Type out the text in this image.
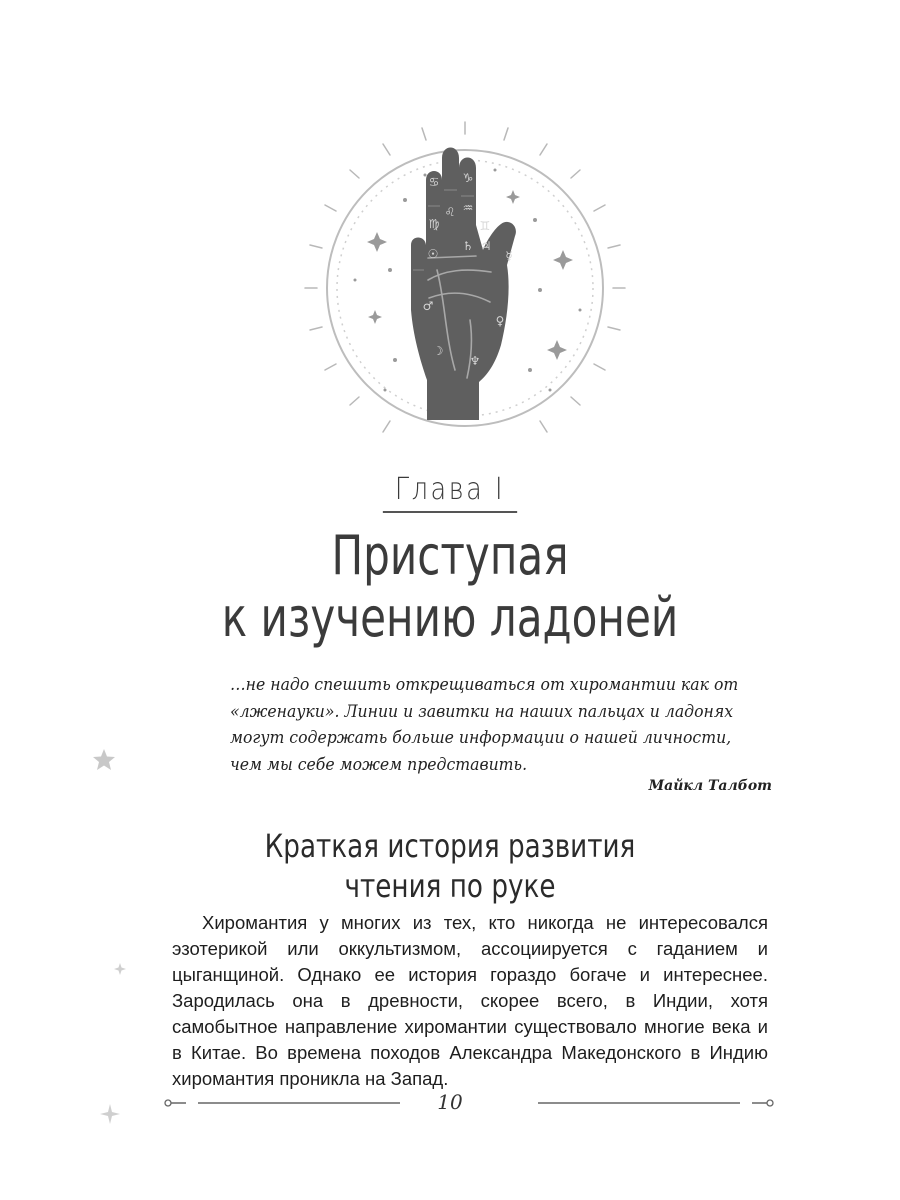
♑
♋
♒
♌
♊
♍
♄ ♃
☿
♀
☉
♂
☽
♆
Глава I
Приступая
к изучению ладоней
…не надо спешить открещиваться от хиромантии как от
«лженауки». Линии и завитки на наших пальцах и ладонях
могут содержать больше информации о нашей личности,
чем мы себе можем представить.
Майкл Талбот
Краткая история развития
чтения по руке

Хиромантия у многих из тех, кто никогда не интересовался эзотерикой или оккультизмом, ассоциируется с гаданием и цыганщиной. Однако ее история гораздо богаче и интереснее. Зародилась она в древности, скорее всего, в Индии, хотя самобытное направление хиромантии существовало многие века и в Китае. Во времена походов Александра Македонского в Индию хиромантия проникла на Запад.

10
